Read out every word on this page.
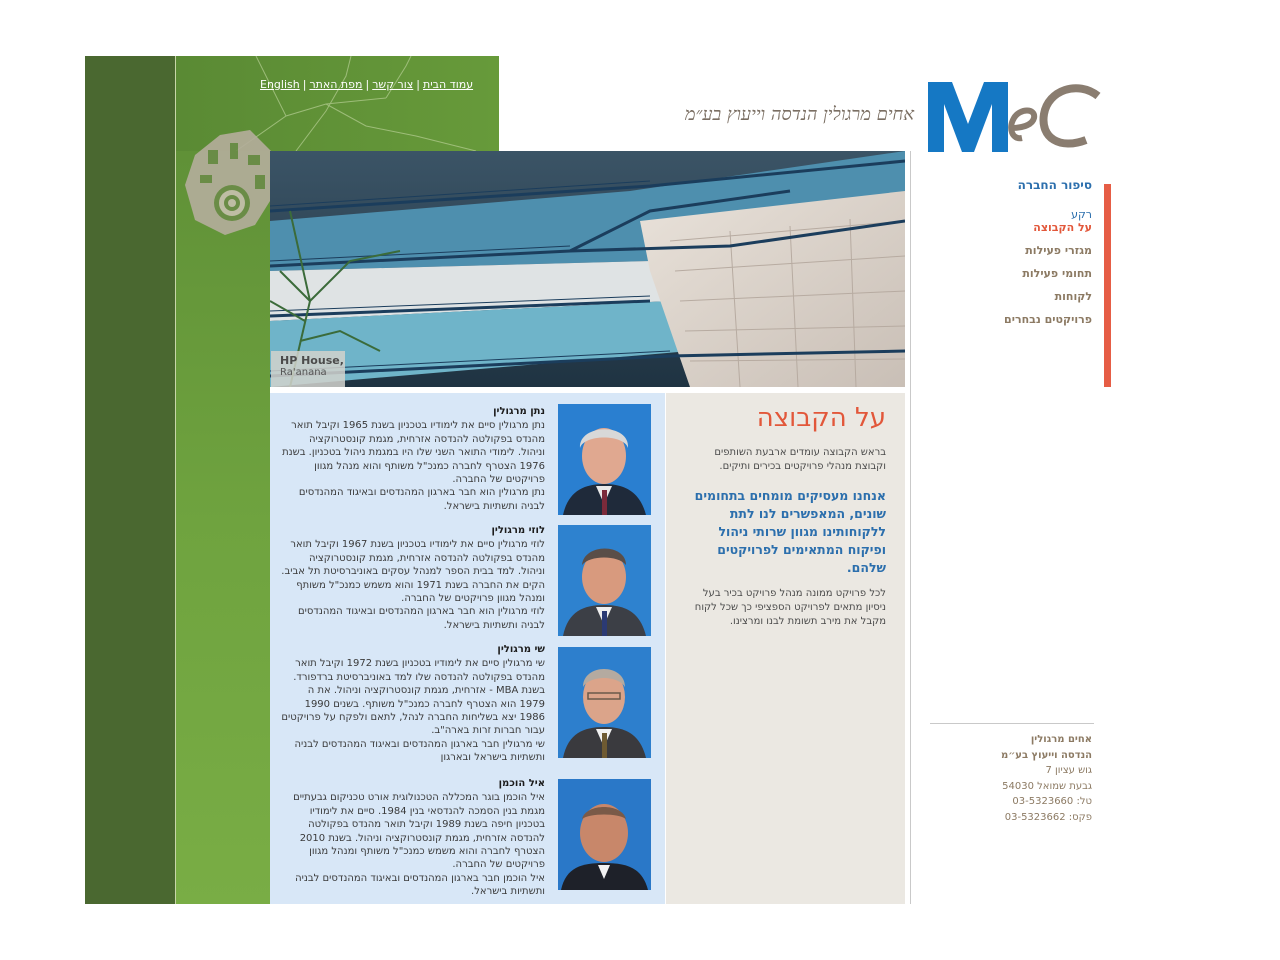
עמוד הבית|צור קשר|מפת האתר|English
אחים מרגולין הנדסה וייעוץ בע״מ
HP House,
Ra'anana
על הקבוצה
בראש הקבוצה עומדים ארבעת השותפים וקבוצת מנהלי פרויקטים בכירים ותיקים.
אנחנו מעסיקים מומחים בתחומים שונים, המאפשרים לנו לתת ללקוחותינו מגוון שרותי ניהול ופיקוח המתאימים לפרויקטים שלהם.
לכל פרויקט ממונה מנהל פרויקט בכיר בעל ניסיון מתאים לפרויקט הספציפי כך שכל לקוח מקבל את מירב תשומת לבנו ומרצינו.
נתן מרגולין
נתן מרגולין סיים את לימודיו בטכניון בשנת 1965 וקיבל תואר מהנדס בפקולטה להנדסה אזרחית, מגמת קונסטרוקציה וניהול. לימודי התואר השני שלו היו במגמת ניהול בטכניון. בשנת 1976 הצטרף לחברה כמנכ"ל משותף והוא מנהל מגוון פרויקטים של החברה.
נתן מרגולין הוא חבר בארגון המהנדסים ובאיגוד המהנדסים לבניה ותשתיות בישראל.
לוזי מרגולין
לוזי מרגולין סיים את לימודיו בטכניון בשנת 1967 וקיבל תואר מהנדס בפקולטה להנדסה אזרחית, מגמת קונסטרוקציה וניהול. למד בבית הספר למנהל עסקים באוניברסיטת תל אביב. הקים את החברה בשנת 1971 והוא משמש כמנכ"ל משותף ומנהל מגוון פרויקטים של החברה.
לוזי מרגולין הוא חבר בארגון המהנדסים ובאיגוד המהנדסים לבניה ותשתיות בישראל.
שי מרגולין
שי מרגולין סיים את לימודיו בטכניון בשנת 1972 וקיבל תואר מהנדס בפקולטה להנדסה שלו למד באוניברסיטת ברדפורד. בשנת MBA - אזרחית, מגמת קונסטרוקציה וניהול. את ה 1979 הוא הצטרף לחברה כמנכ"ל משותף. בשנים 1990 1986 יצא בשליחות החברה לנהל, לתאם ולפקח על פרויקטים עבור חברות זרות בארה"ב.
שי מרגולין חבר בארגון המהנדסים ובאיגוד המהנדסים לבניה ותשתיות בישראל ובארגון
איל הוכמן
איל הוכמן בוגר המכללה הטכנולוגית אורט טכניקום גבעתיים מגמת בנין הסמכה להנדסאי בנין 1984. סיים את לימודיו בטכניון חיפה בשנת 1989 וקיבל תואר מהנדס בפקולטה להנדסה אזרחית, מגמת קונסטרוקציה וניהול. בשנת 2010 הצטרף לחברה והוא משמש כמנכ"ל משותף ומנהל מגוון פרויקטים של החברה.
איל הוכמן חבר בארגון המהנדסים ובאיגוד המהנדסים לבניה ותשתיות בישראל.
סיפור החברה
רקע
על הקבוצה
מגזרי פעילות
תחומי פעילות
לקוחות
פרויקטים נבחרים
אחים מרגולין
הנדסה וייעוץ בע״מ
גוש עציון 7
גבעת שמואל 54030
טל: 03-5323660
פקס: 03-5323662
